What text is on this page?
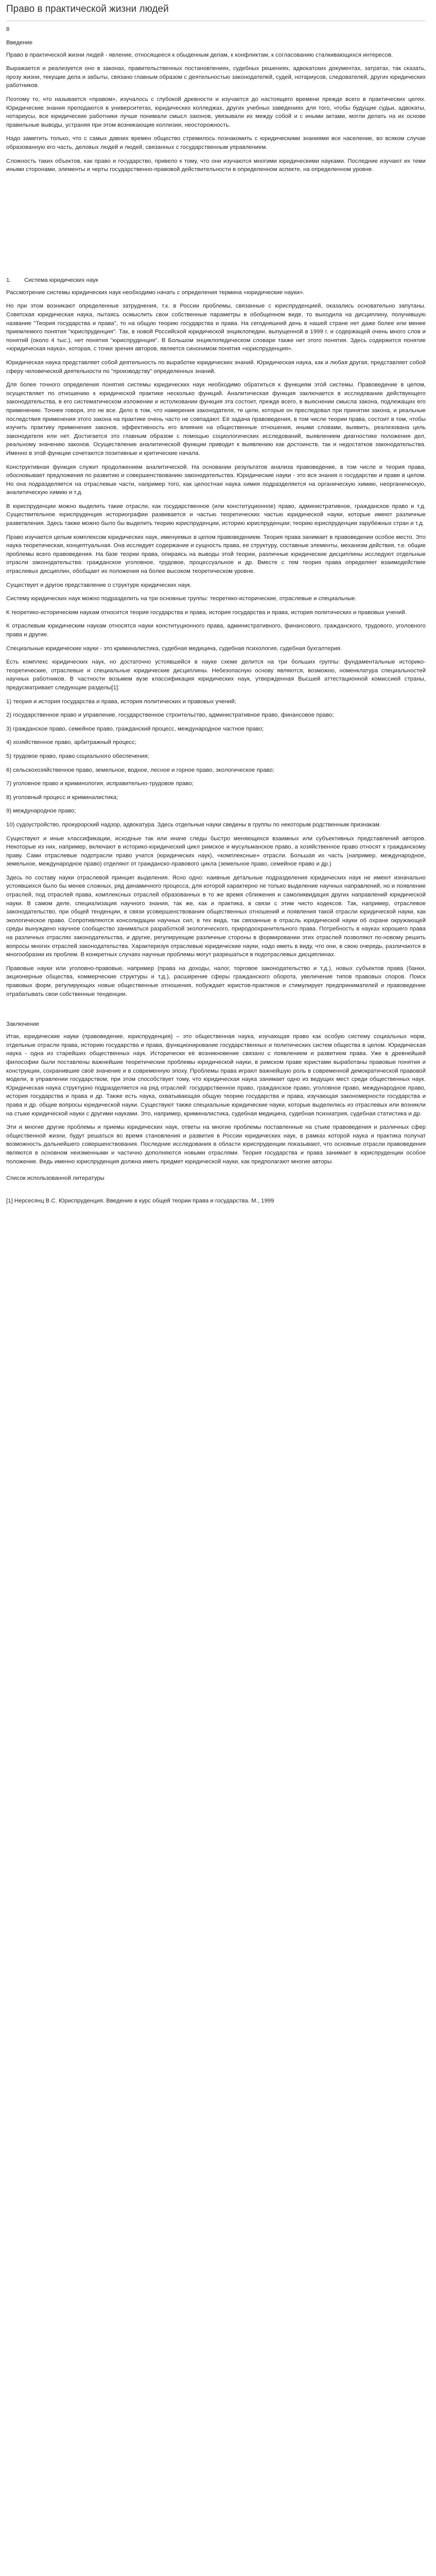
Право в практической жизни людей
8
Введение

Право в практической жизни людей - явление, относящееся к обыденным делам, к конфликтам, к согласованию сталкивающихся интересов.

Выражается и реализуется оно в законах, правительственных постановлениях, судебных решениях, адвокатских документах, затратах, так сказать, прозу жизни, текущие дела и забыты, связано главным образом с деятельностью законодателей, судей, нотариусов, следователей, других юридических работников.

Поэтому то, что называется «правом», изучалось с глубокой древности и изучается до настоящего времени прежде всего в практических целях. Юридические знания преподаются в университетах, юридических колледжах, других учебных заведениях для того, чтобы будущие судьи, адвокаты, нотариусы, все юридические работники лучше понимали смысл законов, увязывали их между собой и с иными актами, могли делать на их основе правильные выводы, устраняя при этом возникающие коллизии, неосторожность.

Надо заметить только, что с самых давних времен общество стремилось познакомить с юридическими знаниями все население, во всяком случае образованную его часть, деловых людей и людей, связанных с государственным управлением.

Сложность таких объектов, как право и государство, привело к тому, что они изучаются многими юридическими науками. Последние изучают их теми иными сторонами, элементы и черты государственно-правовой действительности в определенном аспекте, на определенном уровне.

1. Система юридических наук

Рассмотрение системы юридических наук необходимо начать с определения термина «юридические науки».

Но при этом возникают определенные затруднения, т.к. в России проблемы, связанные с юриспруденцией, оказались основательно запутаны. Советская юридическая наука, пытаясь осмыслить свои собственные параметры в обобщенном виде, то выходила на дисциплину, получившую название "Теория государства и права", то на общую теорию государства и права. На сегодняшний день в нашей стране нет даже более или менее приемлемого понятия "юриспруденция". Так, в новой Российской юридической энциклопедии, выпущенной в 1999 г. и содержащей очень много слов и понятий (около 4 тыс.), нет понятия "юриспруденция". В Большом энциклопедическом словаре также нет этого понятия. Здесь содержится понятие «юридическая наука», которая, с точки зрения авторов, является синонимом понятия «юриспруденция».

Юридическая наука представляет собой деятельность по выработке юридических знаний. Юридическая наука, как и любая другая, представляет собой сферу человеческой деятельности по "производству" определенных знаний.

Для более точного определения понятия системы юридических наук необходимо обратиться к функциям этой системы. Правоведение в целом, осуществляет по отношению к юридической практике несколько функций. Аналитическая функция заключается в исследовании действующего законодательства, в его систематическом изложении и истолковании функция эта состоит, прежде всего, в выяснении смысла закона, подлежащих его применению. Точнее говоря, это не все. Дело в том, что намерения законодателя, те цели, которые он преследовал при принятии закона, и реальные последствия применения этого закона на практике очень часто не совпадают. Её задача правоведения, в том числе теории права, состоит в том, чтобы изучить практику применения законов, эффективность его влияния на общественные отношения, иными словами, выявить, реализована цель законодателя или нет. Достигается это главным образом с помощью социологических исследований, выявлением диагностике положения дел, реальному значению законов. Осуществление аналитической функции приводит к выявлению как достоинств, так и недостатков законодательства. Именно в этой функции сочетаются позитивные и критические начала.

Конструктивная функция служит продолжением аналитической. На основании результатов анализа правоведение, в том числе и теория права, обосновывает предложения по развитию и совершенствованию законодательства. Юридические науки - это вся знания о государстве и праве в целом. Но она подразделяется на отраслевые части, например того, как целостная наука химия подразделяется на органическую химию, неорганическую, аналитическую химию и т.д.

В юриспруденции можно выделить такие отрасли, как государственное (или конституционное) право, административное, гражданское право и т.д. Существительное юриспруденция историографии развивается и частью теоретических частью юридической науки, которые имеют различные разветвления. Здесь также можно было бы выделить теорию юриспруденции, историю юриспруденции; теорию юриспруденции зарубежных стран и т.д.

Право изучается целым комплексом юридических наук, именуемых в целом правоведением. Теория права занимает в правоведении особое место. Это наука теоретическая, концептуальная. Она исследует содержание и сущность права, ее структуру, составные элементы, механизм действия, т.е. общие проблемы всего правоведения. На базе теории права, опираясь на выводы этой теории, различные юридические дисциплины исследуют отдельные отрасли законодательства: гражданское уголовное, трудовое, процессуальное и др. Вместе с тем теория права определяет взаимодействие отраслевых дисциплин, обобщает их положения на более высоком теоретическом уровне.

Существует и другое представление о структуре юридических наук.

Систему юридических наук можно подразделить на три основные группы: теоретико-исторические, отраслевые и специальные.

К теоретико-историческим наукам относится теория государства и права, история государства и права, история политических и правовых учений.

К отраслевым юридическим наукам относятся науки конституционного права, административного, финансового, гражданского, трудового, уголовного права и другие.

Специальные юридические науки - это криминалистика, судебная медицина, судебная психология, судебная бухгалтерия.

Есть комплекс юридических наук, но достаточно устоявшейся в науке схеме делится на три больших группы: фундаментальные историко-теоретические, отраслевые и специальные юридические дисциплины. Небезопасную основу являются, возможно, номенклатура специальностей научных работников. В частности возьмем вузе классификация юридических наук, утвержденная Высшей аттестационной комиссией страны, предусматривает следующие разделы[1]:

1) теория и история государства и права, история политических и правовых учений;

2) государственное право и управление, государственное строительство, административное право, финансовое право;

3) гражданское право, семейное право, гражданский процесс, международное частное право;

4) хозяйственное право, арбитражный процесс;

5) трудовое право, право социального обеспечения;

6) сельскохозяйственное право, земельное, водное, лесное и горное право, экологическое право;

7) уголовное право и криминология, исправительно-трудовое право;

8) уголовный процесс и криминалистика;

9) международное право;

10) судоустройство, прокурорский надзор, адвокатура. Здесь отдельные науки сведены в группы по некоторым родственным признакам.

Существуют и иные классификации, исходные так или иначе следы быстро меняющихся взаимных или субъективных представлений авторов. Некоторые из них, например, включают в историко-юридический цикл римское и мусульманское право, а хозяйственное право относят к гражданскому праву. Сами отраслевые подотрасли право учатся (юридических наук), «комплексные» отрасли. Большая их часть (например, международное, земельное, международное право) отделяют от гражданско-правового цикла (земельное право, семейное право и др.)

Здесь по составу науки отраслевой принцип выделения. Ясно одно: наивные детальные подразделения юридических наук не имеют изначально устоявшихся было бы менее сложных, ряд динамичного процесса, для которой характерно не только выделение научных направлений, но и появление отраслей, под отраслей права, комплексных отраслей образованных в то же время сближения и самоликвидация других направлений юридической науки. В самом деле, специализация научного знания, так же, как и практика, в связи с этим чисто кодексов. Так, например, отраслевое законодательство, при общей тенденции, в связи усовершенствования общественных отношений и появления такой отрасли юридической науки, как экологическое право. Сопротивляются консолидации научных сил, в тех вида, так связанные в отрасль юридической науки об охране окружающей среды вынуждено научное сообщество заниматься разработкой экологического, природоохранительного права. Потребность в науках хорошего права на различных отраслях законодательства, и другие, регулирующие различные стороны в формировании этих отраслей позволяют по-новому решить вопросы многих отраслей законодательства. Характеризуя отраслевые юридические науки, надо иметь в виду, что они, в свою очередь, различаются в многообразии их проблем. В конкретных случаях научные проблемы могут разрешаться в подотраслевых дисциплинах.

Правовые науки или уголовно-правовые, например (права на доходы, налог, торговое законодательство и т.д.), новых субъектов права (банки, акционерные общества, коммерческие структуры и т.д.), расширение сферы гражданского оборота, увеличение типов правовых споров. Поиск правовых форм, регулирующих новые общественные отношения, побуждает юристов-практиков и стимулирует предпринимателей и правоведение отрабатывать свои собственные тенденции.

Заключение

Итак, юридические науки (правоведение, юриспруденция) – это общественная наука, изучающая право как особую систему социальных норм, отдельные отрасли права, историю государства и права, функционирование государственных и политических систем общества в целом. Юридическая наука - одна из старейших общественных наук. Исторически её возникновение связано с появлением и развитием права. Уже в древнейшей философии были поставлены важнейшие теоретические проблемы юридической науки, в римском праве юристами выработаны правовые понятия и конструкции, сохранившие своё значение и в современную эпоху. Проблемы права играют важнейшую роль в современной демократической правовой модели, в управлении государством, при этом способствует тому, что юридическая наука занимает одно из ведущих мест среди общественных наук. Юридическая наука структурно подразделяется на ряд отраслей: государственное право, гражданское право, уголовное право, международное право, история государства и права и др. Также есть наука, охватывающая общую теорию государства и права, изучающая закономерности государства и права и др. общие вопросы юридической науки. Существуют также специальные юридические науки, которые выделились из отраслевых или возникли на стыке юридической науки с другими науками. Это, например, криминалистика, судебная медицина, судебная психиатрия, судебная статистика и др.

Эти и многие другие проблемы и приемы юридических наук, ответы на многие проблемы поставленные на стыке правоведения и различных сфер общественной жизни, будут решаться во время становления и развития в России юридических наук, в рамках которой наука и практика получат возможность дальнейшего совершенствования. Последние исследования в области юриспруденции показывают, что основные отрасли правоведения являются в основном неизменными и частично дополняются новыми отраслями. Теория государства и права занимает в юриспруденции особое положение. Ведь именно юриспруденция должна иметь предмет юридической науки, как предполагают многие авторы.

Список использованной литературы

[1] Нерсесянц В.С. Юриспруденция. Введение в курс общей теории права и государства. М., 1999
